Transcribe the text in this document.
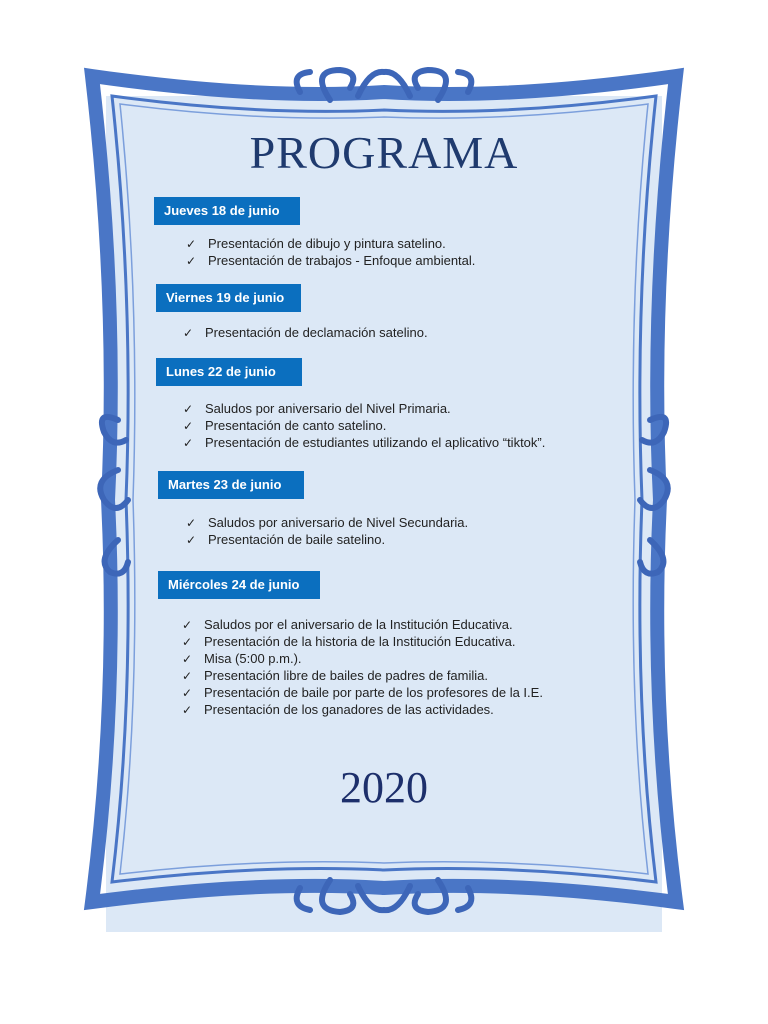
PROGRAMA
Jueves 18 de junio
✓ Presentación de dibujo y pintura satelino.
✓ Presentación de trabajos - Enfoque ambiental.
Viernes 19 de junio
✓ Presentación de declamación satelino.
Lunes 22 de junio
✓ Saludos por aniversario del Nivel Primaria.
✓ Presentación de canto satelino.
✓ Presentación de estudiantes utilizando el aplicativo “tiktok”.
Martes 23 de junio
✓ Saludos por aniversario de Nivel Secundaria.
✓ Presentación de baile satelino.
Miércoles 24 de junio
✓ Saludos por el aniversario de la Institución Educativa.
✓ Presentación de la historia de la Institución Educativa.
✓ Misa (5:00 p.m.).
✓ Presentación libre de bailes de padres de familia.
✓ Presentación de baile por parte de los profesores de la I.E.
✓ Presentación de los ganadores de las actividades.
2020
